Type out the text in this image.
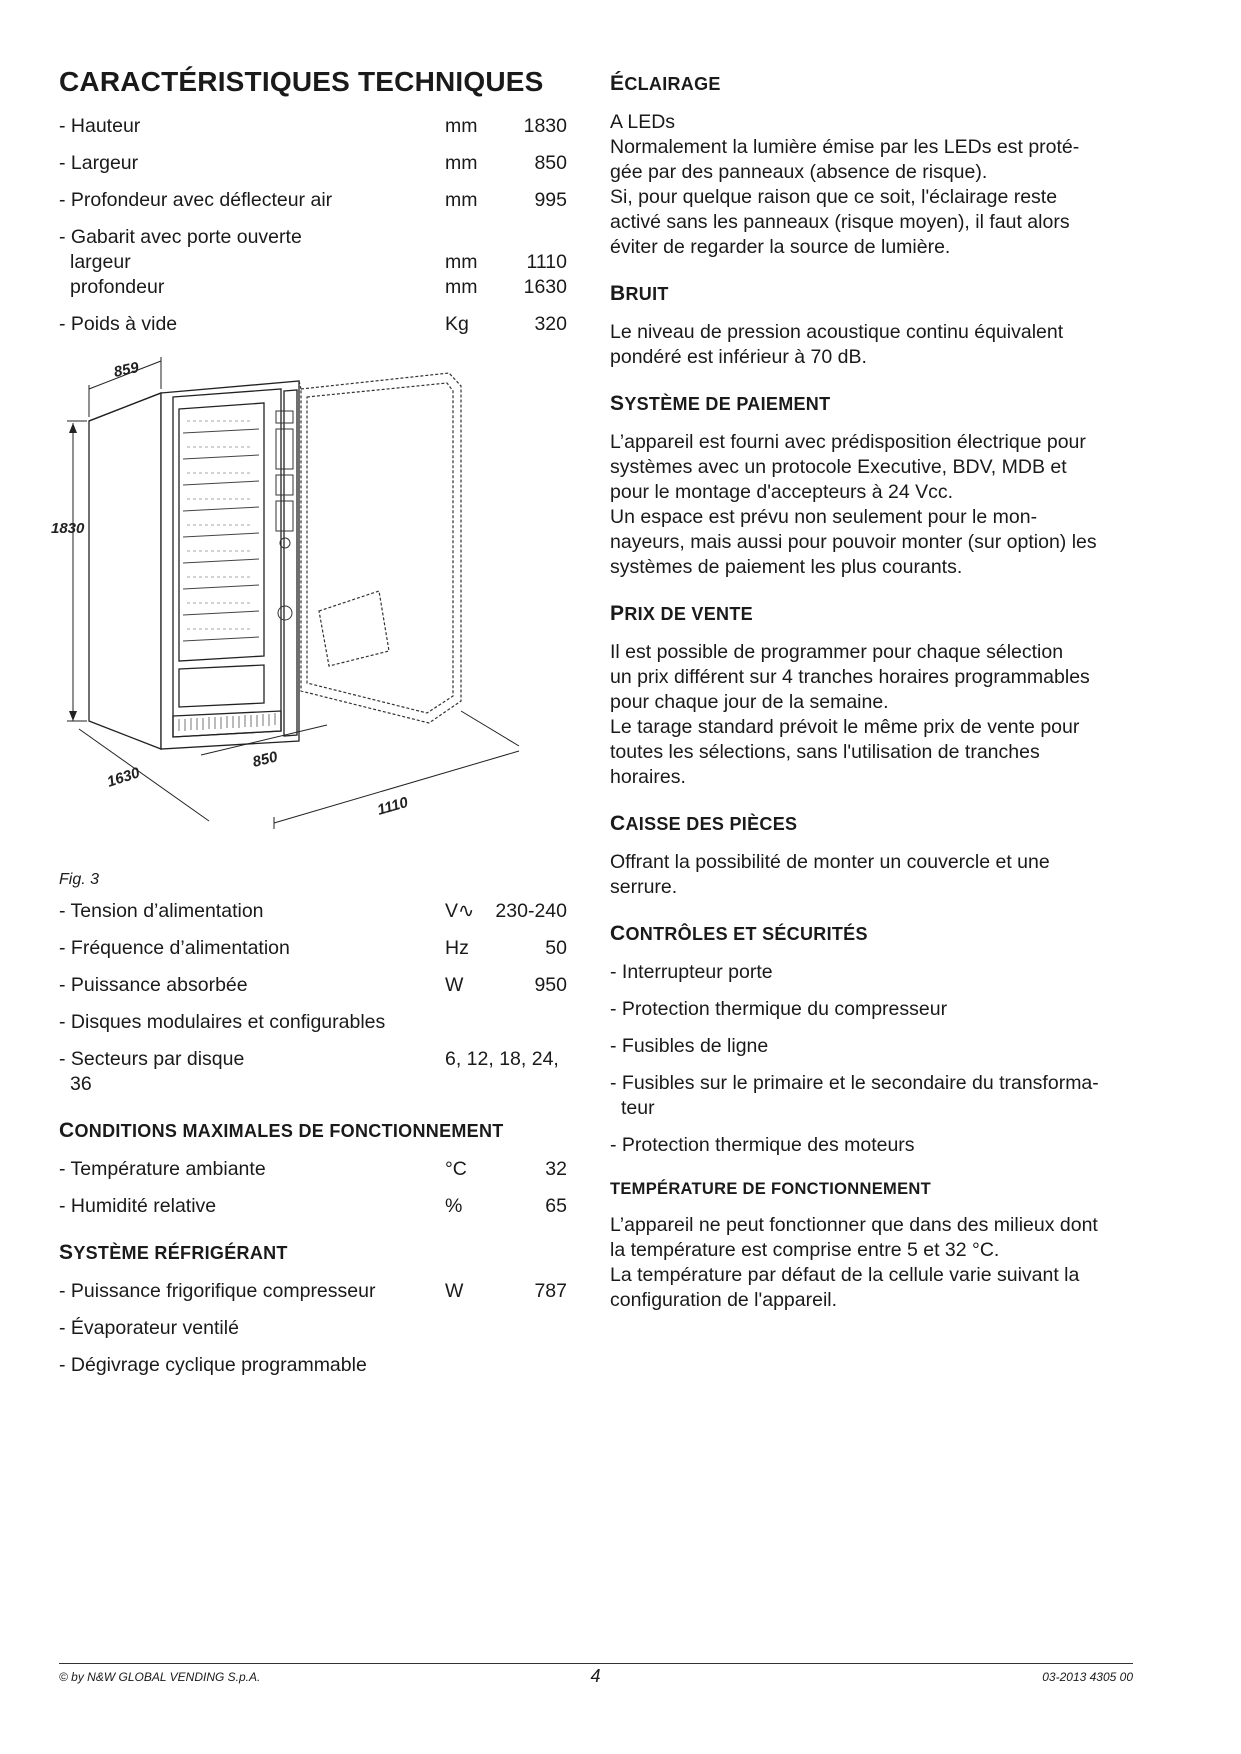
CARACTÉRISTIQUES TECHNIQUES
- Hauteur	mm 1830
- Largeur	mm	850
- Profondeur avec déflecteur air	mm	995
- Gabarit avec porte ouverte
largeur	mm	1110
profondeur	mm 1630
- Poids à vide	Kg	320
859
1830
1630
850
1110
Fig. 3
- Tension d’alimentation	V∿ 230-240
- Fréquence d’alimentation	Hz	50
- Puissance absorbée	W	950
- Disques modulaires et configurables
- Secteurs par disque	6, 12, 18, 24,
36
CONDITIONS MAXIMALES DE FONCTIONNEMENT
- Température ambiante	°C	32
- Humidité relative	%	65
SYSTÈME RÉFRIGÉRANT
- Puissance frigorifique compresseur	W	787
- Évaporateur ventilé
- Dégivrage cyclique programmable
ÉCLAIRAGE
A LEDs
Normalement la lumière émise par les LEDs est proté-
gée par des panneaux (absence de risque).
Si, pour quelque raison que ce soit, l'éclairage reste
activé sans les panneaux (risque moyen), il faut alors
éviter de regarder la source de lumière.
BRUIT
Le niveau de pression acoustique continu équivalent
pondéré est inférieur à 70 dB.
SYSTÈME DE PAIEMENT
L’appareil est fourni avec prédisposition électrique pour
systèmes avec un protocole Executive, BDV, MDB et
pour le montage d'accepteurs à 24 Vcc.
Un espace est prévu non seulement pour le mon-
nayeurs, mais aussi pour pouvoir monter (sur option) les
systèmes de paiement les plus courants.
PRIX DE VENTE
Il est possible de programmer pour chaque sélection
un prix différent sur 4 tranches horaires programmables
pour chaque jour de la semaine.
Le tarage standard prévoit le même prix de vente pour
toutes les sélections, sans l'utilisation de tranches
horaires.
CAISSE DES PIÈCES
Offrant la possibilité de monter un couvercle et une
serrure.
CONTRÔLES ET SÉCURITÉS
- Interrupteur porte
- Protection thermique du compresseur
- Fusibles de ligne
- Fusibles sur le primaire et le secondaire du transforma-
teur
- Protection thermique des moteurs
TEMPÉRATURE DE FONCTIONNEMENT
L’appareil ne peut fonctionner que dans des milieux dont
la température est comprise entre 5 et 32 °C.
La température par défaut de la cellule varie suivant la
configuration de l'appareil.
© by N&W GLOBAL VENDING S.p.A.	4	03-2013 4305 00
